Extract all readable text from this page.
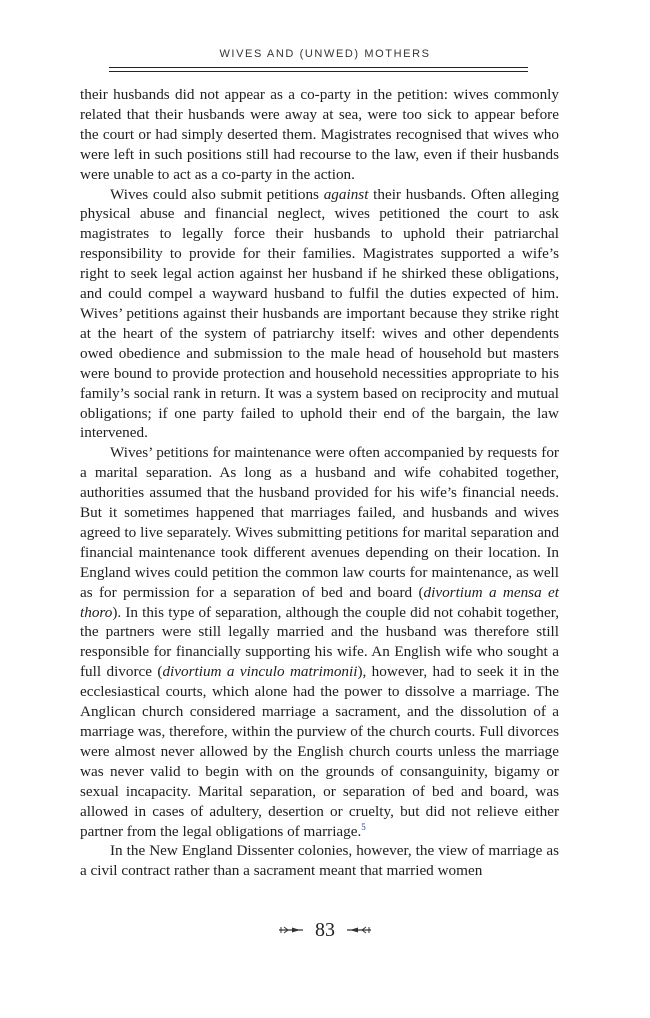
WIVES AND (UNWED) MOTHERS

their husbands did not appear as a co-party in the petition: wives commonly related that their husbands were away at sea, were too sick to appear before the court or had simply deserted them. Magistrates recognised that wives who were left in such positions still had recourse to the law, even if their husbands were unable to act as a co-party in the action.

Wives could also submit petitions against their husbands. Often alleging physical abuse and financial neglect, wives petitioned the court to ask magistrates to legally force their husbands to uphold their patriarchal responsibility to provide for their families. Magistrates supported a wife’s right to seek legal action against her husband if he shirked these obligations, and could compel a wayward husband to fulfil the duties expected of him. Wives’ petitions against their husbands are important because they strike right at the heart of the system of patriarchy itself: wives and other dependents owed obedience and submission to the male head of household but masters were bound to provide protection and household necessities appropriate to his family’s social rank in return. It was a system based on reciprocity and mutual obligations; if one party failed to uphold their end of the bargain, the law intervened.

Wives’ petitions for maintenance were often accompanied by requests for a marital separation. As long as a husband and wife cohabited together, authorities assumed that the husband provided for his wife’s financial needs. But it sometimes happened that marriages failed, and husbands and wives agreed to live separately. Wives submitting petitions for marital separation and financial maintenance took different avenues depending on their location. In England wives could petition the common law courts for maintenance, as well as for permission for a separation of bed and board (divortium a mensa et thoro). In this type of separation, although the couple did not cohabit together, the partners were still legally married and the husband was therefore still responsible for financially supporting his wife. An English wife who sought a full divorce (divortium a vinculo matrimonii), however, had to seek it in the ecclesiastical courts, which alone had the power to dissolve a marriage. The Anglican church considered marriage a sacrament, and the dissolution of a marriage was, therefore, within the purview of the church courts. Full divorces were almost never allowed by the English church courts unless the marriage was never valid to begin with on the grounds of consanguinity, bigamy or sexual incapacity. Marital separation, or separation of bed and board, was allowed in cases of adultery, desertion or cruelty, but did not relieve either partner from the legal obligations of marriage.$^5$

In the New England Dissenter colonies, however, the view of marriage as a civil contract rather than a sacrament meant that married women

83
